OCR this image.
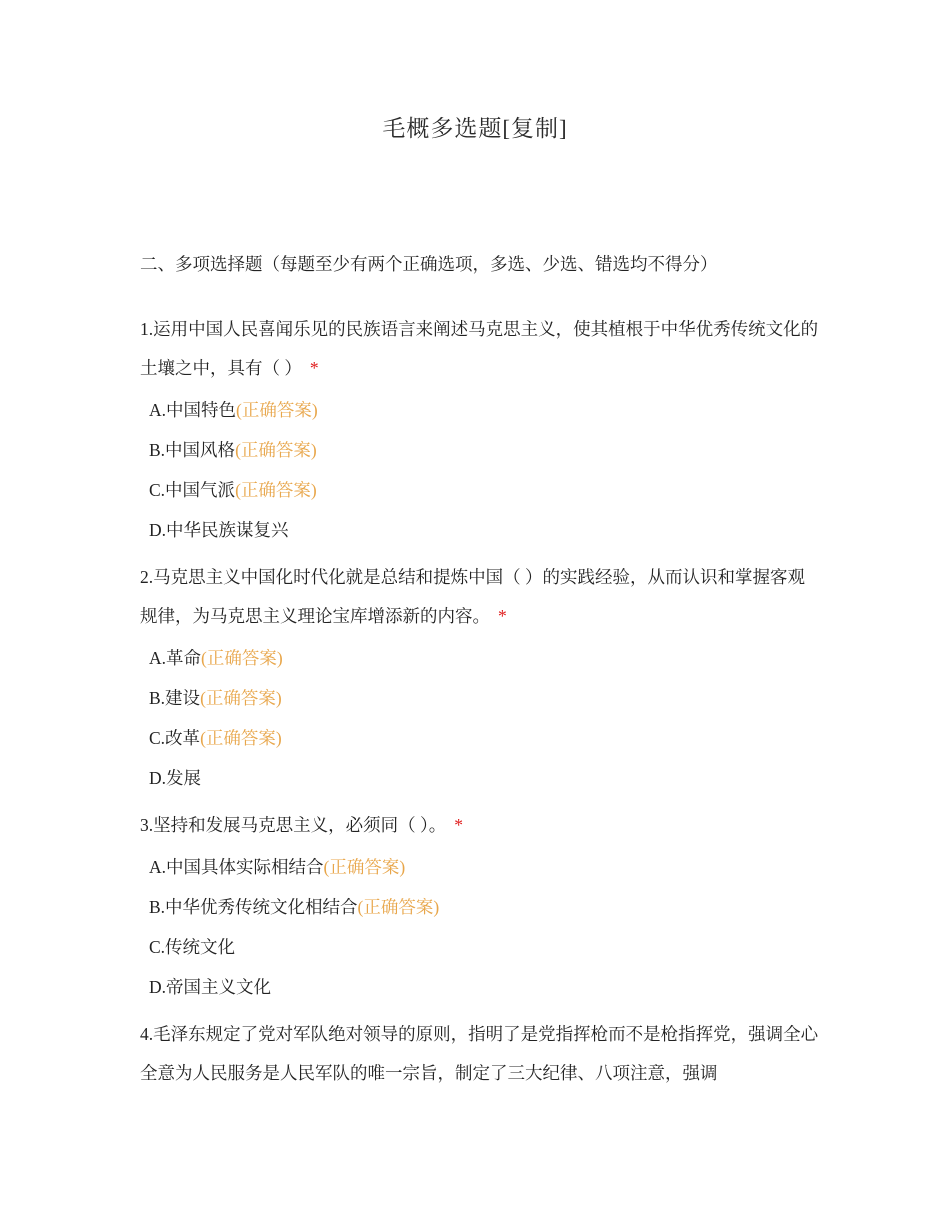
毛概多选题[复制]
二、多项选择题（每题至少有两个正确选项，多选、少选、错选均不得分）
1.运用中国人民喜闻乐见的民族语言来阐述马克思主义，使其植根于中华优秀传统文化的土壤之中，具有（ ） *
A.中国特色(正确答案)
B.中国风格(正确答案)
C.中国气派(正确答案)
D.中华民族谋复兴
2.马克思主义中国化时代化就是总结和提炼中国（ ）的实践经验，从而认识和掌握客观规律，为马克思主义理论宝库增添新的内容。 *
A.革命(正确答案)
B.建设(正确答案)
C.改革(正确答案)
D.发展
3.坚持和发展马克思主义，必须同（ ）。 *
A.中国具体实际相结合(正确答案)
B.中华优秀传统文化相结合(正确答案)
C.传统文化
D.帝国主义文化
4.毛泽东规定了党对军队绝对领导的原则，指明了是党指挥枪而不是枪指挥党，强调全心全意为人民服务是人民军队的唯一宗旨，制定了三大纪律、八项注意，强调
